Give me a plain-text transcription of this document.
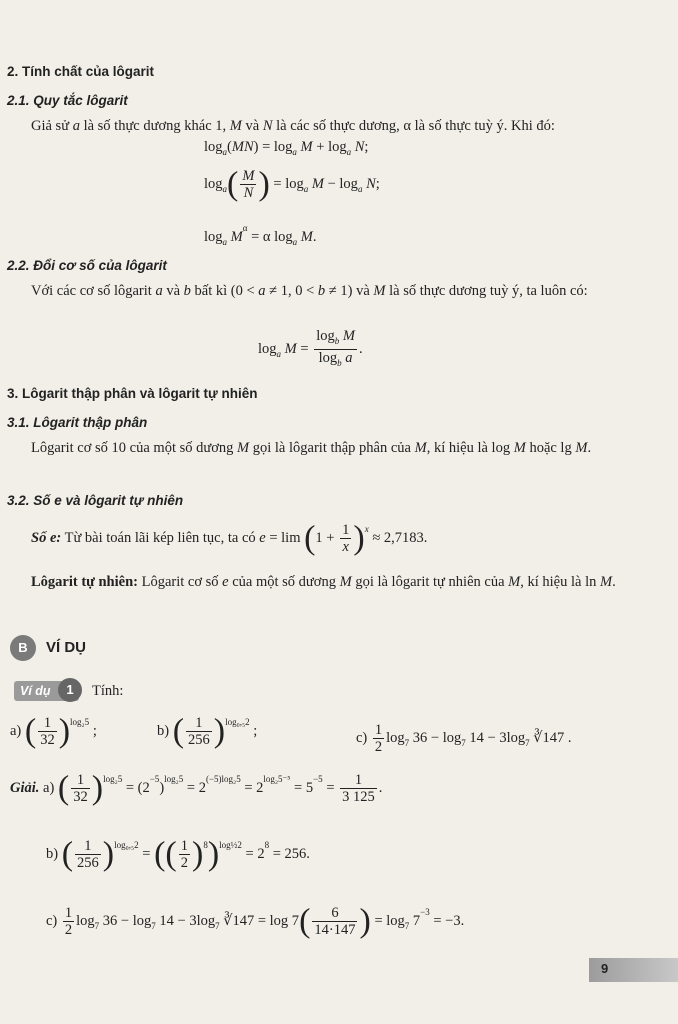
2. Tính chất của lôgarit
2.1. Quy tắc lôgarit
Giả sử a là số thực dương khác 1, M và N là các số thực dương, α là số thực tuỳ ý. Khi đó:
$\log_a(MN) = \log_a M + \log_a N$;
$\log_a( \frac{M}{N}$ ) = $\log_a M - \log_a N$;
$\log_a M^\alpha = \alpha$ $\log_a M$.
2.2. Đổi cơ số của lôgarit
Với các cơ số lôgarit a và b bất kì (0 < a ≠ 1, 0 < b ≠ 1) và M là số thực dương tuỳ ý, ta luôn có:
$\log_a M = \frac{\log_b M}{\log_b a}$ .
3. Lôgarit thập phân và lôgarit tự nhiên
3.1. Lôgarit thập phân
Lôgarit cơ số 10 của một số dương M gọi là lôgarit thập phân của M, kí hiệu là log M hoặc lg M.
3.2. Số e và lôgarit tự nhiên
Số e: Từ bài toán lãi kép liên tục, ta có $e = \lim (1 + \frac{1}{x} )^x \approx 2,7183$.
Lôgarit tự nhiên: Lôgarit cơ số e của một số dương M gọi là lôgarit tự nhiên của M, kí hiệu là ln M.
B	VÍ DỤ
Ví dụ	1	Tính:
a) ( $\frac{1}{32} )^{log_25}$ ;	b) ( $\frac{1}{256} )^{log_0,_52}$ ;	$c) \frac{1}{2} \log_7 36 - \log_7 14 - 3\log_7$ ∛147 .
Giải. a) ( $\frac{1}{32} )^{log_25} = (2^{-5})^{log_25} = 2^{(-5)log_25} = 2^{log_25^{-5}} = 5^{-5} = \frac{1}{3 125}$ .
b) ( $\frac{1}{256} )^{log_0,_52}$ = (( $\frac{1}{2} )^8)^{log\frac{1}{2}2} = 2^8 = 256$.
$c) \frac{1}{2} \log_7 36 - \log_7 14 - 3\log_7$ ∛147 = $\log 7( \frac{6}{14\cdot 147}$ ) = $\log_7 7^{-3} = -3$.
9
